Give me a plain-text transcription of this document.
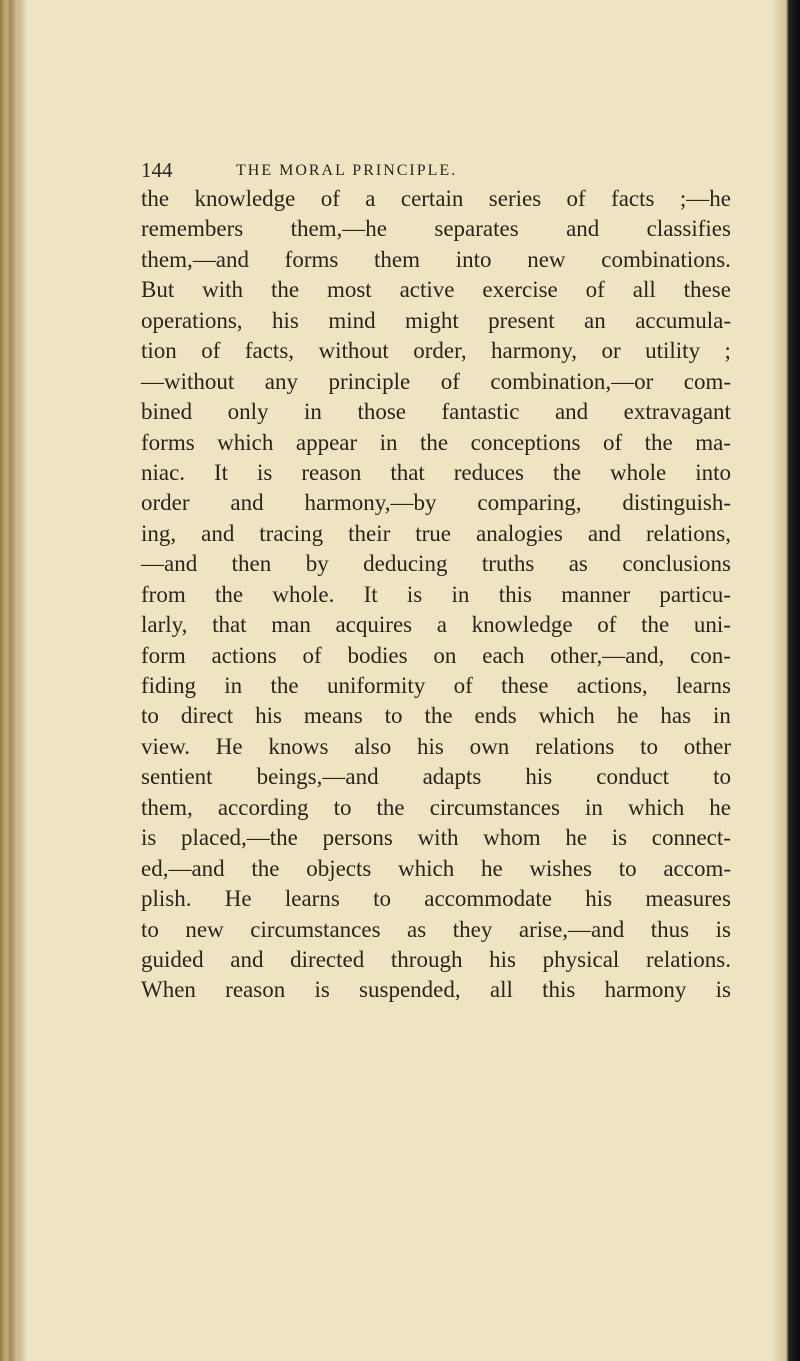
144	THE MORAL PRINCIPLE.
the knowledge of a certain series of facts ;—he
remembers them,—he separates and classifies
them,—and forms them into new combinations.
But with the most active exercise of all these
operations, his mind might present an accumula-
tion of facts, without order, harmony, or utility ;
—without any principle of combination,—or com-
bined only in those fantastic and extravagant
forms which appear in the conceptions of the ma-
niac. It is reason that reduces the whole into
order and harmony,—by comparing, distinguish-
ing, and tracing their true analogies and relations,
—and then by deducing truths as conclusions
from the whole. It is in this manner particu-
larly, that man acquires a knowledge of the uni-
form actions of bodies on each other,—and, con-
fiding in the uniformity of these actions, learns
to direct his means to the ends which he has in
view. He knows also his own relations to other
sentient beings,—and adapts his conduct to
them, according to the circumstances in which he
is placed,—the persons with whom he is connect-
ed,—and the objects which he wishes to accom-
plish. He learns to accommodate his measures
to new circumstances as they arise,—and thus is
guided and directed through his physical relations.
When reason is suspended, all this harmony is
